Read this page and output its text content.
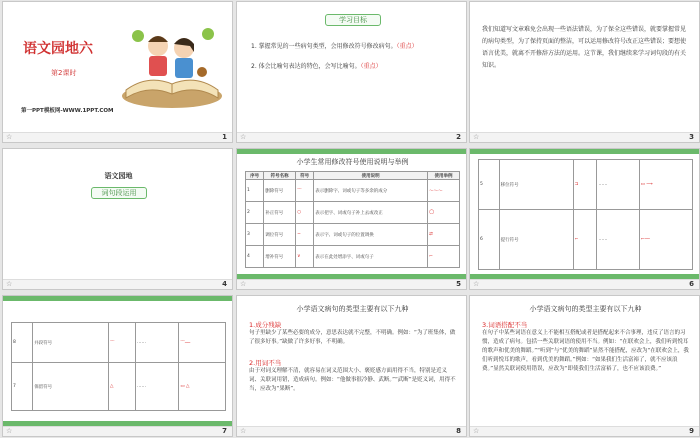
语文园地六
第2课时
第一PPT模板网-WWW.1PPT.COM
☆	1
学习目标
1. 掌握常见的一些病句类型，会用修改符号修改病句。（重点）
2. 体会比喻句表达的特色，会写比喻句。（重点）
☆	2
我们知道写文章难免会出现一些语法错误，为了保全这些错误，就要掌握常见的病句类型，为了保持页面的整洁，可以运用修改符号改正这些错误；要想使语言优美，就离不开修辞方法的运用。这节课，我们继续来学习词句段的有关知识。
☆	3
语文园地
词句段运用
☆	4
小学生常用修改符号使用说明与举例
序号	符号名称	符号	使用说明	使用举例
1	删除符号	⌒	表示删除字、词或句子等多余的成分	～～～
2	补正符号	○	表示把字、词或句子补上去或改正	◯
3	调位符号	∽	表示字、词或句子的位置调换	⇄
4	增补符号	∨	表示在此处增添字、词或句子	⌐
☆	5
5	移位符号	⊐	……	▭ ⟶
6	提行符号	⌐	……	⌐──
☆	6
8	并段符号	⌒	……	⌒──
7	保留符号	△	……	▭ △
☆	7
小学语文病句的类型主要有以下九种
1.成分残缺
句子里缺少了某些必要的成分，意思表达就不完整，不明确。例如：“为了班集体，做了很多好事。”缺做了许多好事，不明确。
2.用词不当
由于对词义理解不清，就容易在词义范围大小、褒贬感方面用得不当，特别是近义词、关联词用错，造成病句。例如：“他做事很冷静、武断。”“武断”是贬义词，用得不当，应改为“果断”。
☆	8
小学语文病句的类型主要有以下九种
3.词语搭配不当
在句子中某些词语在意义上不能相互搭配或者是搭配起来不合事理，违反了语言的习惯，造成了病句。包括一些关联词语的使用不当。例如：“在联欢会上，我们听到悦耳的歌声和优美的舞蹈。”“听到”与“优美的舞蹈”显然不能搭配，应改为“在联欢会上，我们听到悦耳的歌声，看到优美的舞蹈。”例如：“如果我们生活富裕了，就不应该浪费。”显然关联词使用错误，应改为“即使我们生活富裕了，也不应该浪费。”
☆	9
